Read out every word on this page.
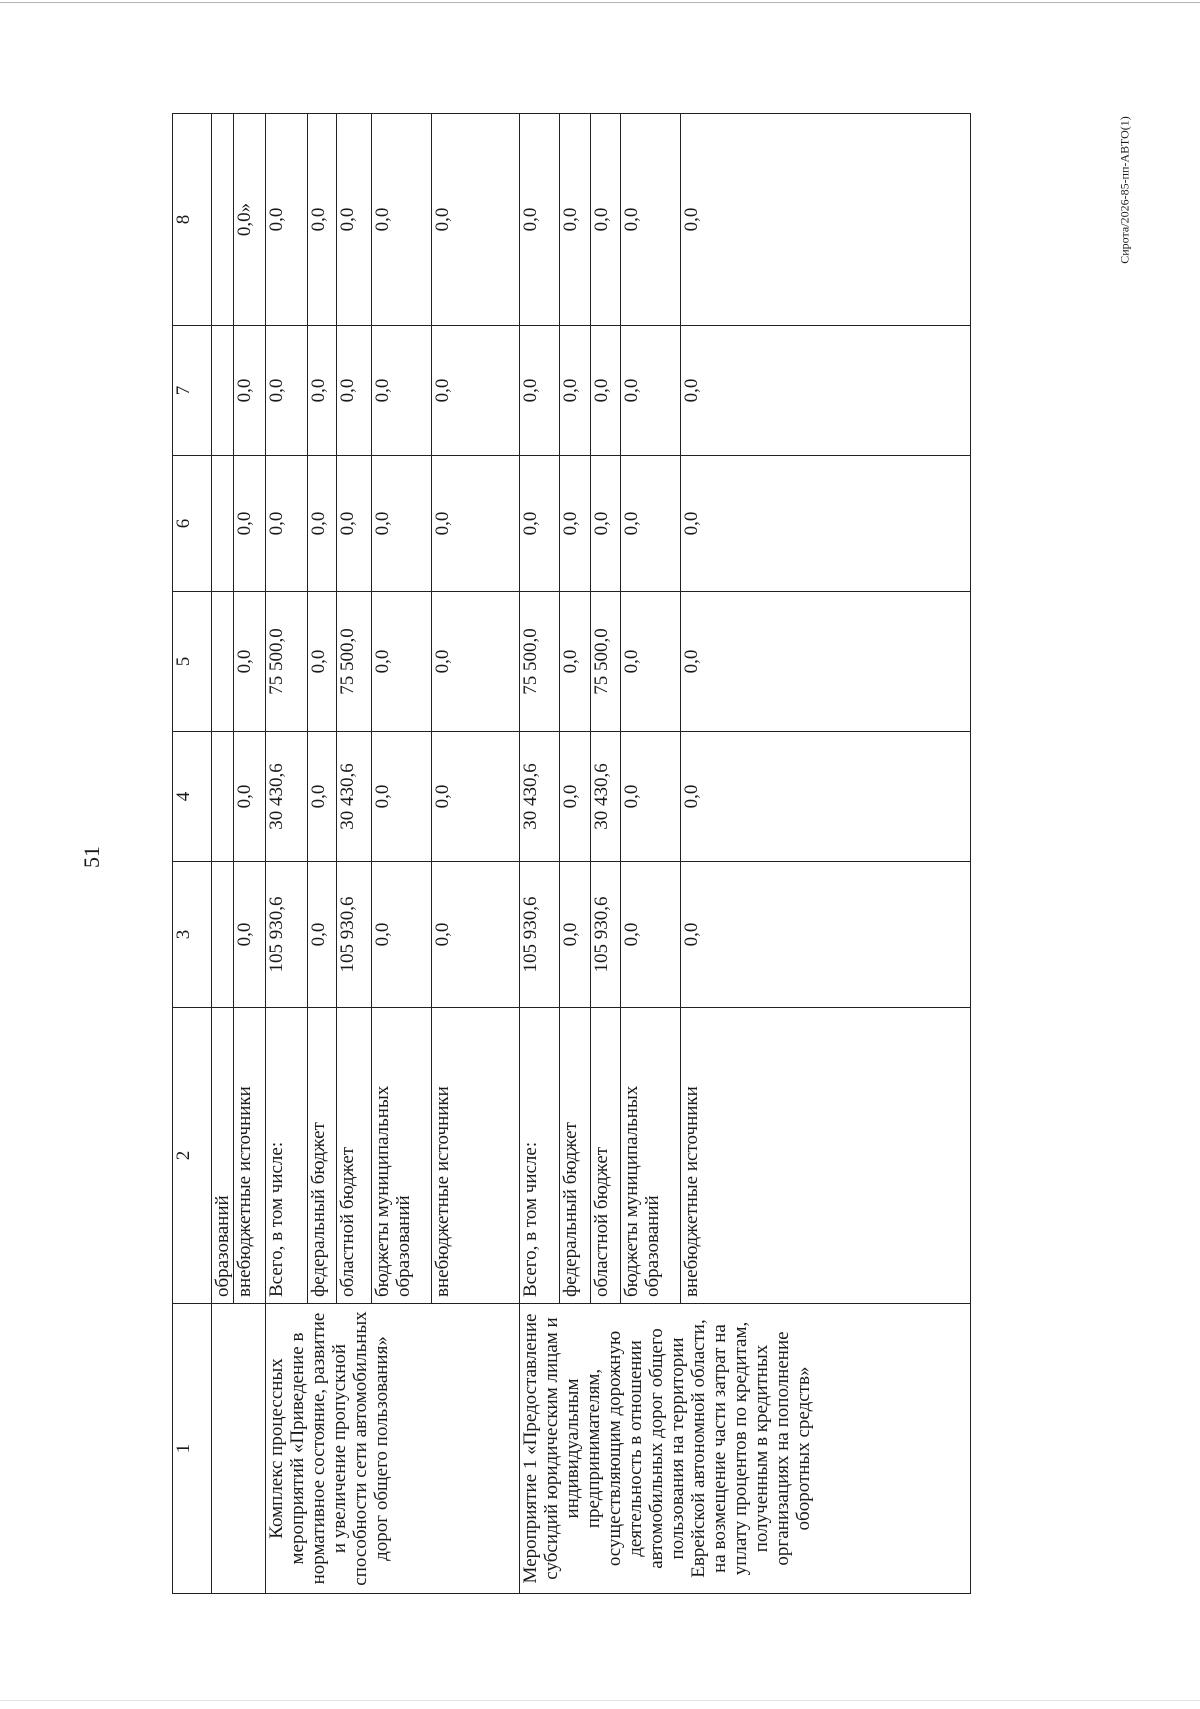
51
Сирота/2026-85-пп-АВТО(1)
1	2	3	4	5	6	7	8
	образований						
	внебюджетные источники	0,0	0,0	0,0	0,0	0,0	0,0»
Комплекс процессных мероприятий «Приведение в нормативное состояние, развитие и увеличение пропускной способности сети автомобильных дорог общего пользования»	Всего, в том числе:	105 930,6	30 430,6	75 500,0	0,0	0,0	0,0
	федеральный бюджет	0,0	0,0	0,0	0,0	0,0	0,0
	областной бюджет	105 930,6	30 430,6	75 500,0	0,0	0,0	0,0
	бюджеты муниципальных образований	0,0	0,0	0,0	0,0	0,0	0,0
	внебюджетные источники	0,0	0,0	0,0	0,0	0,0	0,0
Мероприятие 1 «Предоставление субсидий юридическим лицам и индивидуальным предпринимателям, осуществляющим дорожную деятельность в отношении автомобильных дорог общего пользования на территории Еврейской автономной области, на возмещение части затрат на уплату процентов по кредитам, полученным в кредитных организациях на пополнение оборотных средств»	Всего, в том числе:	105 930,6	30 430,6	75 500,0	0,0	0,0	0,0
	федеральный бюджет	0,0	0,0	0,0	0,0	0,0	0,0
	областной бюджет	105 930,6	30 430,6	75 500,0	0,0	0,0	0,0
	бюджеты муниципальных образований	0,0	0,0	0,0	0,0	0,0	0,0
	внебюджетные источники	0,0	0,0	0,0	0,0	0,0	0,0
